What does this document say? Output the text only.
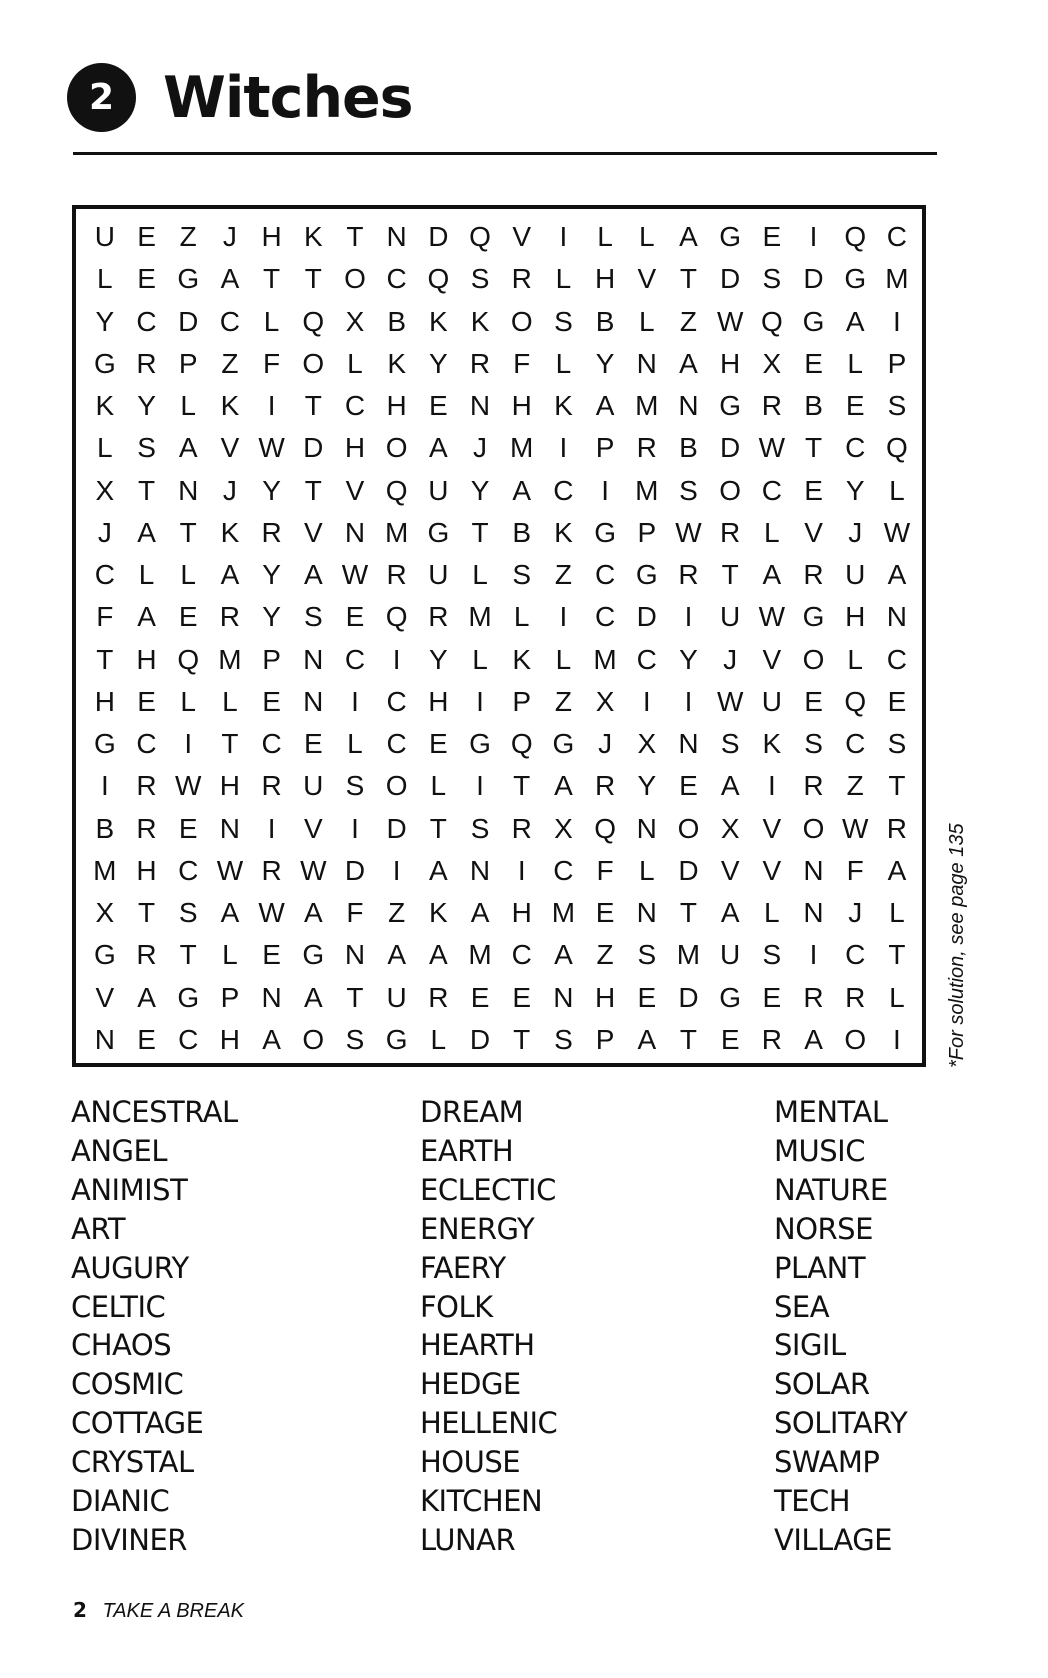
2 Witches
U E Z J H K T N D Q V	I	L L A G E	I Q C
L E G A T T O C Q S R L H V T D S D G M
Y C D C L Q X B K K O S B L Z W Q G A	I
G R P Z F O L K Y R F L Y N A H X E L P
K Y L K	I	T C H E N H K A M N G R B E S
L S A V W D H O A J M I	P R B D W T C Q
X T N J Y T V Q U Y A C I M S O C E Y L
J A T K R V N M G T B K G P W R L V J W
C L L A Y A W R U L S Z C G R T A R U A
F A E R Y S E Q R M L	I C D I U W G H N
T H Q M P N C I	Y L K L M C Y J V O L C
H E L L E N I C H I	P Z X	I	I W U E Q E
G C I	T C E L C E G Q G J X N S K S C S
I R W H R U S O L	I	T A R Y E A	I R Z T
B R E N I	V	I D T S R X Q N O X V O W R
M H C W R W D I	A N I C F L D V V N F A
X T S A W A F Z K A H M E N T A L N J L
G R T L E G N A A M C A Z S M U S	I C T
V A G P N A T U R E E N H E D G E R R L
N E C H A O S G L D T S P A T E R A O I	*For solution, see page 135
ANCESTRAL
ANGEL
ANIMIST
ART
AUGURY
CELTIC
CHAOS
COSMIC
COTTAGE
CRYSTAL
DIANIC
DIVINER
DREAM
EARTH
ECLECTIC
ENERGY
FAERY
FOLK
HEARTH
HEDGE
HELLENIC
HOUSE
KITCHEN
LUNAR
MENTAL
MUSIC
NATURE
NORSE
PLANT
SEA
SIGIL
SOLAR
SOLITARY
SWAMP
TECH
VILLAGE
2 TAKE A BREAK
